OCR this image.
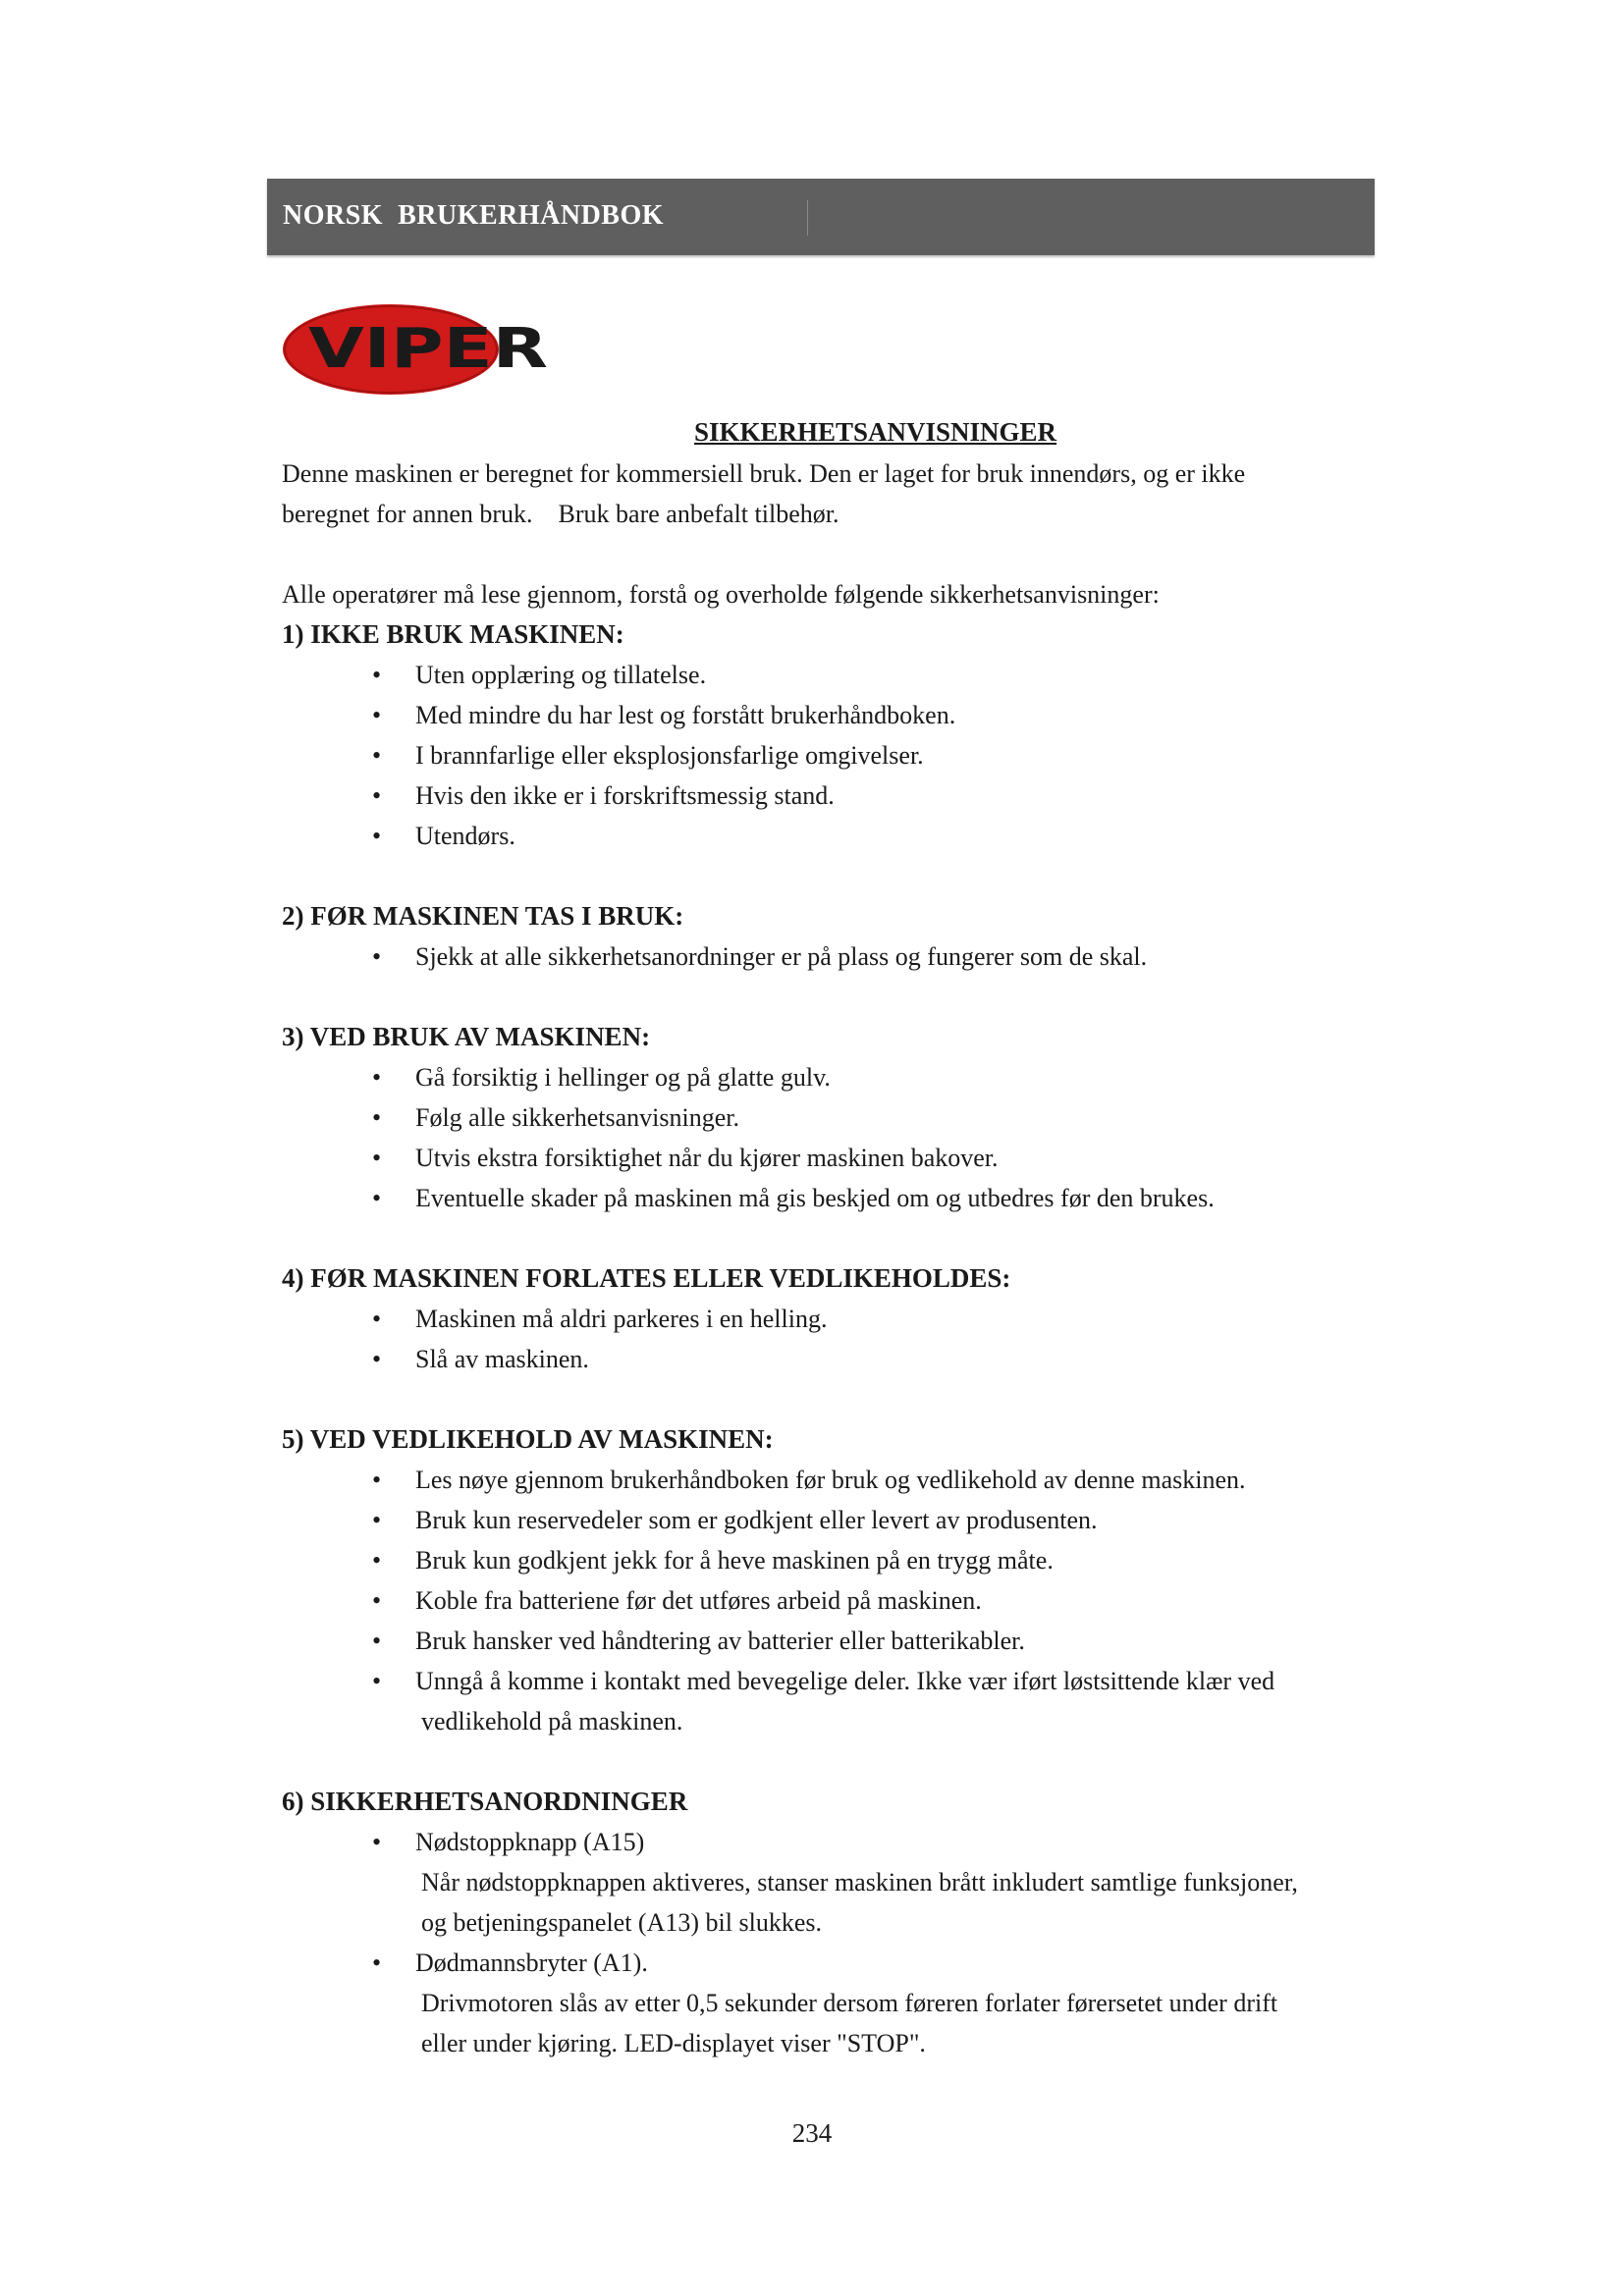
NORSK  BRUKERHÅNDBOK
VIPER
SIKKERHETSANVISNINGER

Denne maskinen er beregnet for kommersiell bruk. Den er laget for bruk innendørs, og er ikke

beregnet for annen bruk.    Bruk bare anbefalt tilbehør.

Alle operatører må lese gjennom, forstå og overholde følgende sikkerhetsanvisninger:

1) IKKE BRUK MASKINEN:
• Uten opplæring og tillatelse.
• Med mindre du har lest og forstått brukerhåndboken.
• I brannfarlige eller eksplosjonsfarlige omgivelser.
• Hvis den ikke er i forskriftsmessig stand.
• Utendørs.
2) FØR MASKINEN TAS I BRUK:
• Sjekk at alle sikkerhetsanordninger er på plass og fungerer som de skal.
3) VED BRUK AV MASKINEN:
• Gå forsiktig i hellinger og på glatte gulv.
• Følg alle sikkerhetsanvisninger.
• Utvis ekstra forsiktighet når du kjører maskinen bakover.
• Eventuelle skader på maskinen må gis beskjed om og utbedres før den brukes.
4) FØR MASKINEN FORLATES ELLER VEDLIKEHOLDES:
• Maskinen må aldri parkeres i en helling.
• Slå av maskinen.
5) VED VEDLIKEHOLD AV MASKINEN:
• Les nøye gjennom brukerhåndboken før bruk og vedlikehold av denne maskinen.
• Bruk kun reservedeler som er godkjent eller levert av produsenten.
• Bruk kun godkjent jekk for å heve maskinen på en trygg måte.
• Koble fra batteriene før det utføres arbeid på maskinen.
• Bruk hansker ved håndtering av batterier eller batterikabler.
• Unngå å komme i kontakt med bevegelige deler. Ikke vær iført løstsittende klær ved
vedlikehold på maskinen.
6) SIKKERHETSANORDNINGER
• Nødstoppknapp (A15)
Når nødstoppknappen aktiveres, stanser maskinen brått inkludert samtlige funksjoner,
og betjeningspanelet (A13) bil slukkes.
• Dødmannsbryter (A1).
Drivmotoren slås av etter 0,5 sekunder dersom føreren forlater førersetet under drift
eller under kjøring. LED-displayet viser "STOP".
234
